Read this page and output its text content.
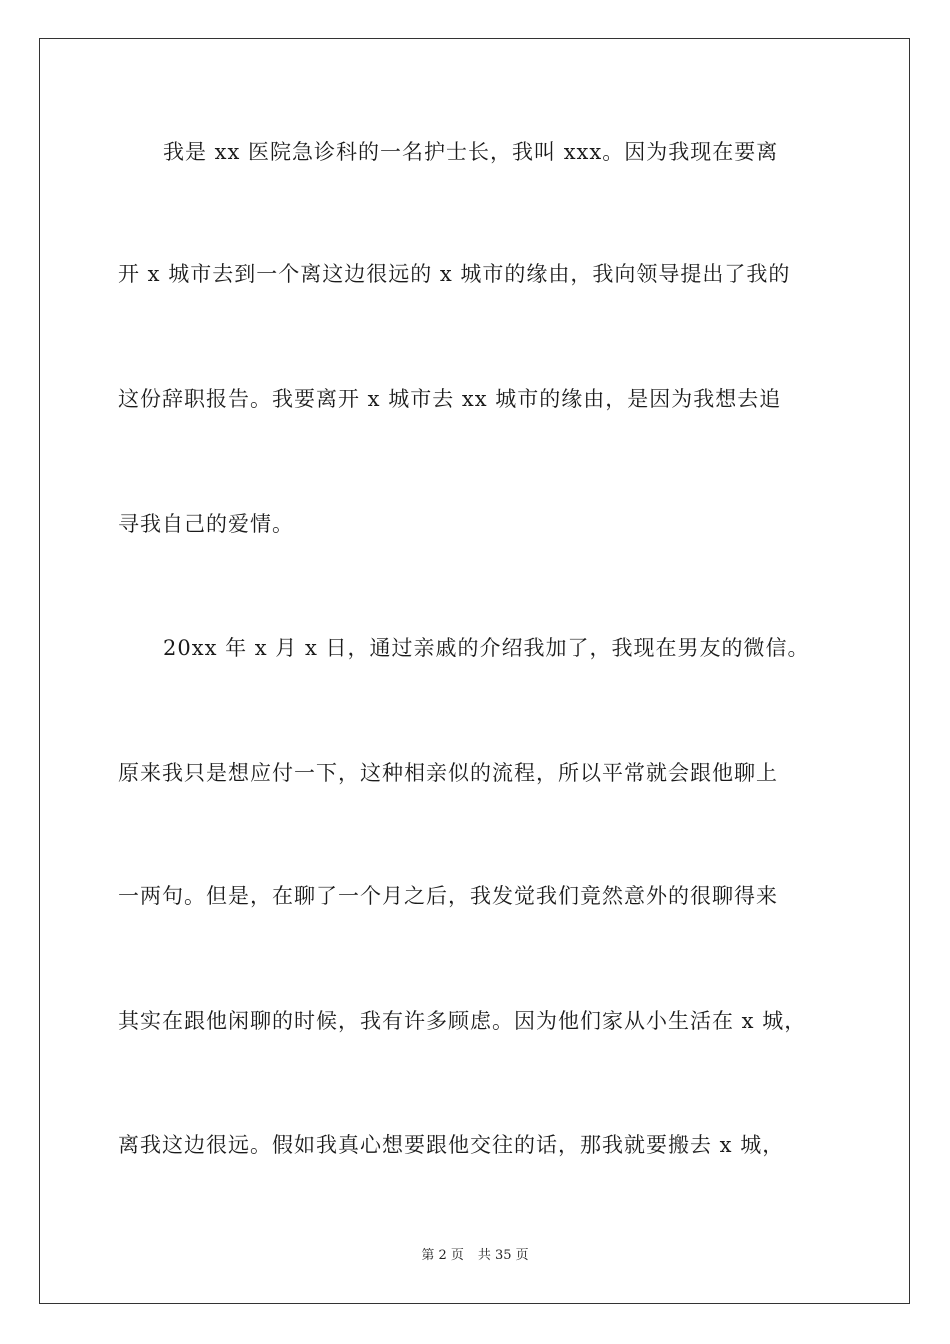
我是 xx 医院急诊科的一名护士长，我叫 xxx。因为我现在要离
开 x 城市去到一个离这边很远的 x 城市的缘由，我向领导提出了我的
这份辞职报告。我要离开 x 城市去 xx 城市的缘由，是因为我想去追
寻我自己的爱情。
20xx 年 x 月 x 日，通过亲戚的介绍我加了，我现在男友的微信。
原来我只是想应付一下，这种相亲似的流程，所以平常就会跟他聊上
一两句。但是，在聊了一个月之后，我发觉我们竟然意外的很聊得来
其实在跟他闲聊的时候，我有许多顾虑。因为他们家从小生活在 x 城，
离我这边很远。假如我真心想要跟他交往的话，那我就要搬去 x 城，
第 2 页 共 35 页
